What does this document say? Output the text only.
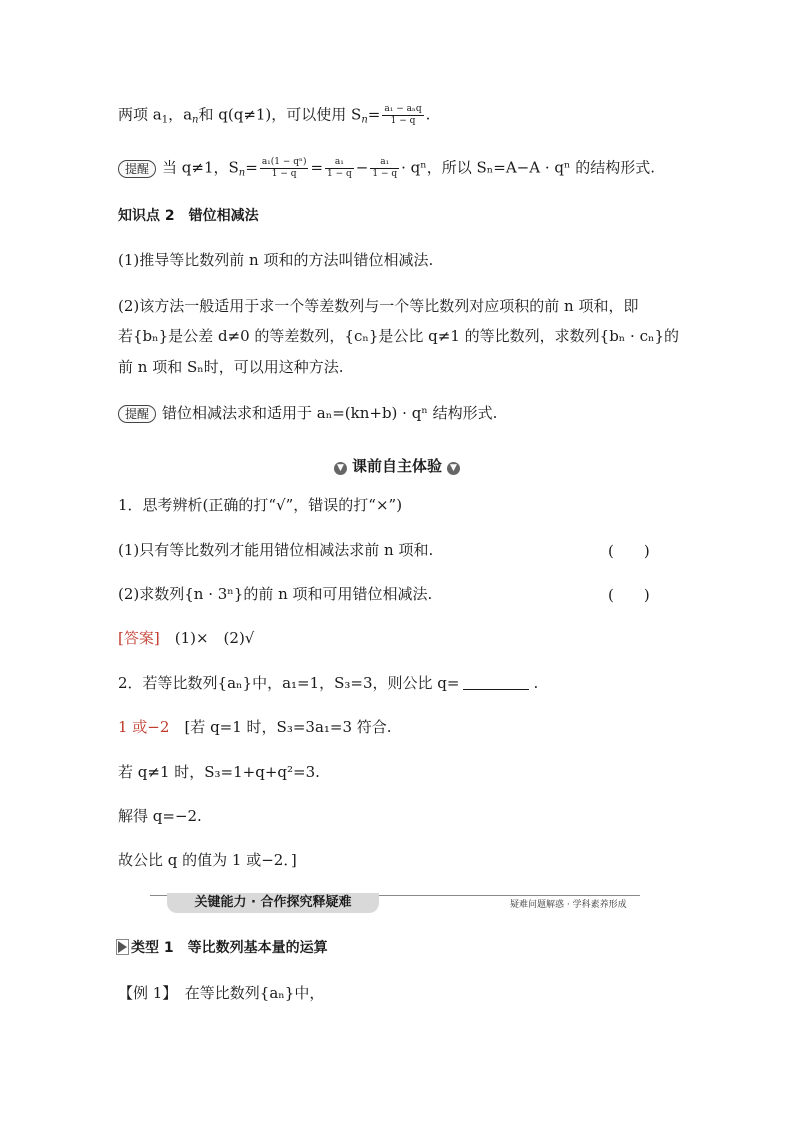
两项 $a_1$，$a_n$和 q(q≠1)，可以使用 $S_n= \frac{\text{a₁ − aₙq}}{1 - q}$ .
提醒 当 q≠1，$S_n= \frac{\text{a₁(1 − qⁿ)}}{1 - q} = \frac{\text{a₁}}{1 - q} - \frac{\text{a₁}}{1 - q} \cdot q^n$，所以 Sₙ=A−A · qⁿ 的结构形式.
知识点 2　错位相减法
(1)推导等比数列前 n 项和的方法叫错位相减法.
(2)该方法一般适用于求一个等差数列与一个等比数列对应项积的前 n 项和，即
若{bₙ}是公差 d≠0 的等差数列，{cₙ}是公比 q≠1 的等比数列，求数列{bₙ · cₙ}的
前 n 项和 Sₙ时，可以用这种方法.
提醒 错位相减法求和适用于 aₙ=(kn+b) · qⁿ 结构形式.
▼ 课前自主体验 ▼
1．思考辨析(正确的打“√”，错误的打“×”)
(1)只有等比数列才能用错位相减法求前 n 项和.	(　　)
(2)求数列{n · 3ⁿ}的前 n 项和可用错位相减法.	(　　)
[答案]　 (1)×　(2)√
2．若等比数列{aₙ}中，a₁=1，S₃=3，则公比 q=	.
1 或−2　 [若 q=1 时，S₃=3a₁=3 符合.
若 q≠1 时，S₃=1+q+q²=3.
解得 q=−2.
故公比 q 的值为 1 或−2．]
关键能力 · 合作探究释疑难	疑难问题解惑 · 学科素养形成
类型 1　等比数列基本量的运算
【例 1】　在等比数列{aₙ}中，
